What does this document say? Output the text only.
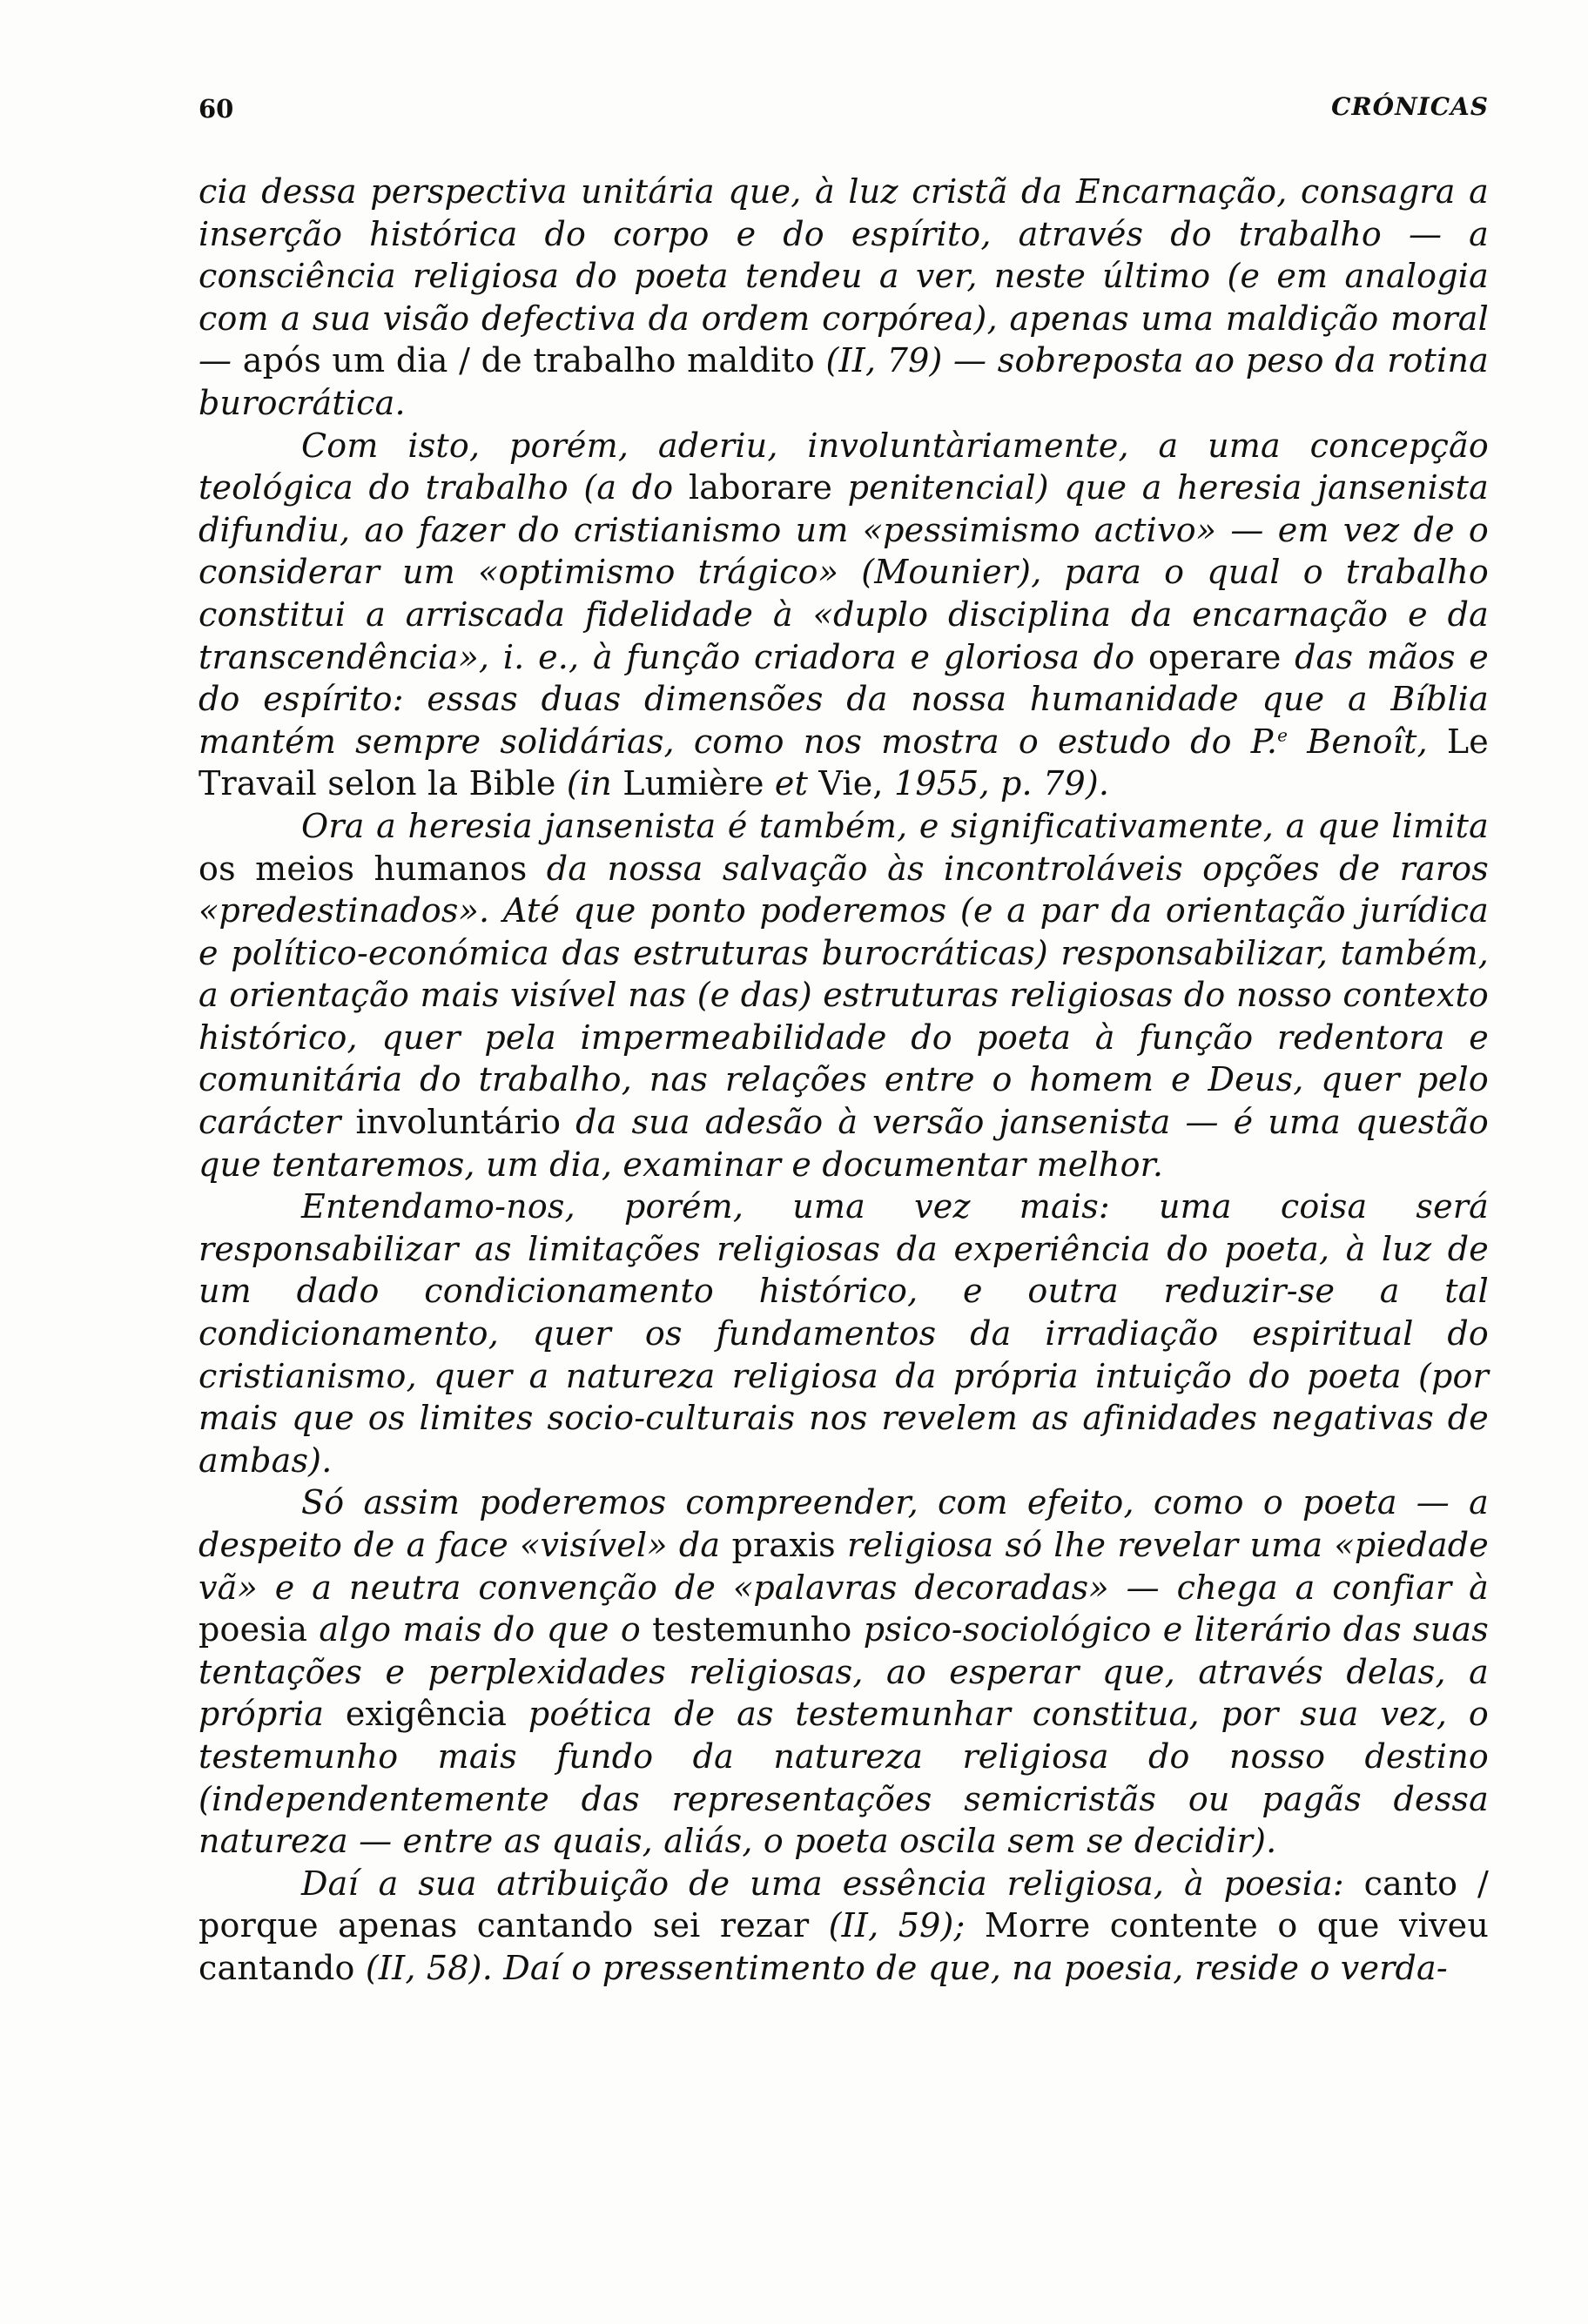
60	CRÓNICAS

cia dessa perspectiva unitária que, à luz cristã da Encarnação, consagra a inserção histórica do corpo e do espírito, através do trabalho — a consciência religiosa do poeta tendeu a ver, neste último (e em analogia com a sua visão defectiva da ordem corpórea), apenas uma maldição moral — após um dia / de trabalho maldito (II, 79) — sobreposta ao peso da rotina burocrática.

Com isto, porém, aderiu, involuntàriamente, a uma concepção teológica do trabalho (a do laborare penitencial) que a heresia jansenista difundiu, ao fazer do cristianismo um «pessimismo activo» — em vez de o considerar um «optimismo trágico» (Mounier), para o qual o trabalho constitui a arriscada fidelidade à «duplo disciplina da encarnação e da transcendência», i. e., à função criadora e gloriosa do operare das mãos e do espírito: essas duas dimensões da nossa humanidade que a Bíblia mantém sempre solidárias, como nos mostra o estudo do P.$^e$ Benoît, Le Travail selon la Bible (in Lumière et Vie, 1955, p. 79).

Ora a heresia jansenista é também, e significativamente, a que limita os meios humanos da nossa salvação às incontroláveis opções de raros «predestinados». Até que ponto poderemos (e a par da orientação jurídica e político-económica das estruturas burocráticas) responsabilizar, também, a orientação mais visível nas (e das) estruturas religiosas do nosso contexto histórico, quer pela impermeabilidade do poeta à função redentora e comunitária do trabalho, nas relações entre o homem e Deus, quer pelo carácter involuntário da sua adesão à versão jansenista — é uma questão que tentaremos, um dia, examinar e documentar melhor.

Entendamo-nos, porém, uma vez mais: uma coisa será responsabilizar as limitações religiosas da experiência do poeta, à luz de um dado condicionamento histórico, e outra reduzir-se a tal condicionamento, quer os fundamentos da irradiação espiritual do cristianismo, quer a natureza religiosa da própria intuição do poeta (por mais que os limites socio-culturais nos revelem as afinidades negativas de ambas).

Só assim poderemos compreender, com efeito, como o poeta — a despeito de a face «visível» da praxis religiosa só lhe revelar uma «piedade vã» e a neutra convenção de «palavras decoradas» — chega a confiar à poesia algo mais do que o testemunho psico-sociológico e literário das suas tentações e perplexidades religiosas, ao esperar que, através delas, a própria exigência poética de as testemunhar constitua, por sua vez, o testemunho mais fundo da natureza religiosa do nosso destino (independentemente das representações semicristãs ou pagãs dessa natureza — entre as quais, aliás, o poeta oscila sem se decidir).

Daí a sua atribuição de uma essência religiosa, à poesia: canto / porque apenas cantando sei rezar (II, 59); Morre contente o que viveu cantando (II, 58). Daí o pressentimento de que, na poesia, reside o verda-
